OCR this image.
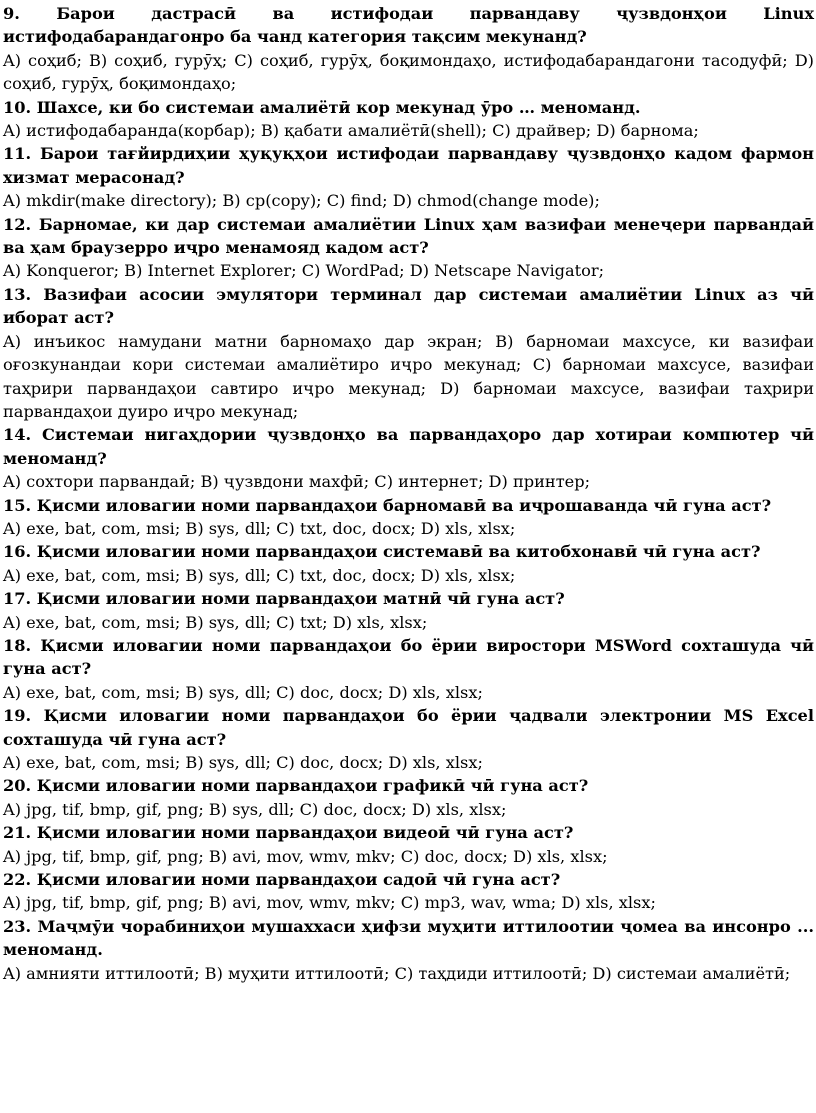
9. Барои дастрасӣ ва истифодаи парвандаву ҷузвдонҳои Linux истифодабарандагонро ба чанд категория тақсим мекунанд?

A) соҳиб; B) соҳиб, гурӯҳ; C) соҳиб, гурӯҳ, боқимондаҳо, истифодабарандагони тасодуфӣ; D) соҳиб, гурӯҳ, боқимондаҳо;

10. Шахсе, ки бо системаи амалиётӣ кор мекунад ӯро … меноманд.

A) истифодабаранда(корбар); B) қабати амалиётӣ(shell); C) драйвер; D) барнома;

11. Барои тағйирдиҳии ҳуқуқҳои истифодаи парвандаву ҷузвдонҳо кадом фармон хизмат мерасонад?

A) mkdir(make directory); B) cp(copy); C) find; D) chmod(change mode);

12. Барномае, ки дар системаи амалиётии Linux ҳам вазифаи менеҷери парвандаӣ ва ҳам браузерро иҷро менамояд кадом аст?

A) Konqueror; B) Internet Explorer; C) WordPad; D) Netscape Navigator;

13. Вазифаи асосии эмулятори терминал дар системаи амалиётии Linux аз чӣ иборат аст?

A) инъикос намудани матни барномаҳо дар экран; B) барномаи махсусе, ки вазифаи оғозкунандаи кори системаи амалиётиро иҷро мекунад; C) барномаи махсусе, вазифаи таҳрири парвандаҳои савтиро иҷро мекунад; D) барномаи махсусе, вазифаи таҳрири парвандаҳои дуиро иҷро мекунад;

14. Системаи нигаҳдории ҷузвдонҳо ва парвандаҳоро дар хотираи компютер чӣ меноманд?

A) сохтори парвандаӣ; B) ҷузвдони махфӣ; C) интернет; D) принтер;

15. Қисми иловагии номи парвандаҳои барномавӣ ва иҷрошаванда чӣ гуна аст?

A) exe, bat, com, msi; B) sys, dll; C) txt, doc, docx; D) xls, xlsx;

16. Қисми иловагии номи парвандаҳои системавӣ ва китобхонавӣ чӣ гуна аст?

A) exe, bat, com, msi; B) sys, dll; C) txt, doc, docx; D) xls, xlsx;

17. Қисми иловагии номи парвандаҳои матнӣ чӣ гуна аст?

A) exe, bat, com, msi; B) sys, dll; C) txt; D) xls, xlsx;

18. Қисми иловагии номи парвандаҳои бо ёрии виростори MSWord сохташуда чӣ гуна аст?

A) exe, bat, com, msi; B) sys, dll; C) doc, docx; D) xls, xlsx;

19. Қисми иловагии номи парвандаҳои бо ёрии ҷадвали электронии MS Excel сохташуда чӣ гуна аст?

A) exe, bat, com, msi; B) sys, dll; C) doc, docx; D) xls, xlsx;

20. Қисми иловагии номи парвандаҳои графикӣ чӣ гуна аст?

A) jpg, tif, bmp, gif, png; B) sys, dll; C) doc, docx; D) xls, xlsx;

21. Қисми иловагии номи парвандаҳои видеоӣ чӣ гуна аст?

A) jpg, tif, bmp, gif, png; B) avi, mov, wmv, mkv; C) doc, docx; D) xls, xlsx;

22. Қисми иловагии номи парвандаҳои садоӣ чӣ гуна аст?

A) jpg, tif, bmp, gif, png; B) avi, mov, wmv, mkv; C) mp3, wav, wma; D) xls, xlsx;

23. Маҷмӯи чорабиниҳои мушаххаси ҳифзи муҳити иттилоотии ҷомеа ва инсонро ... меноманд.

A) амнияти иттилоотӣ; B) муҳити иттилоотӣ; C) таҳдиди иттилоотӣ; D) системаи амалиётӣ;
